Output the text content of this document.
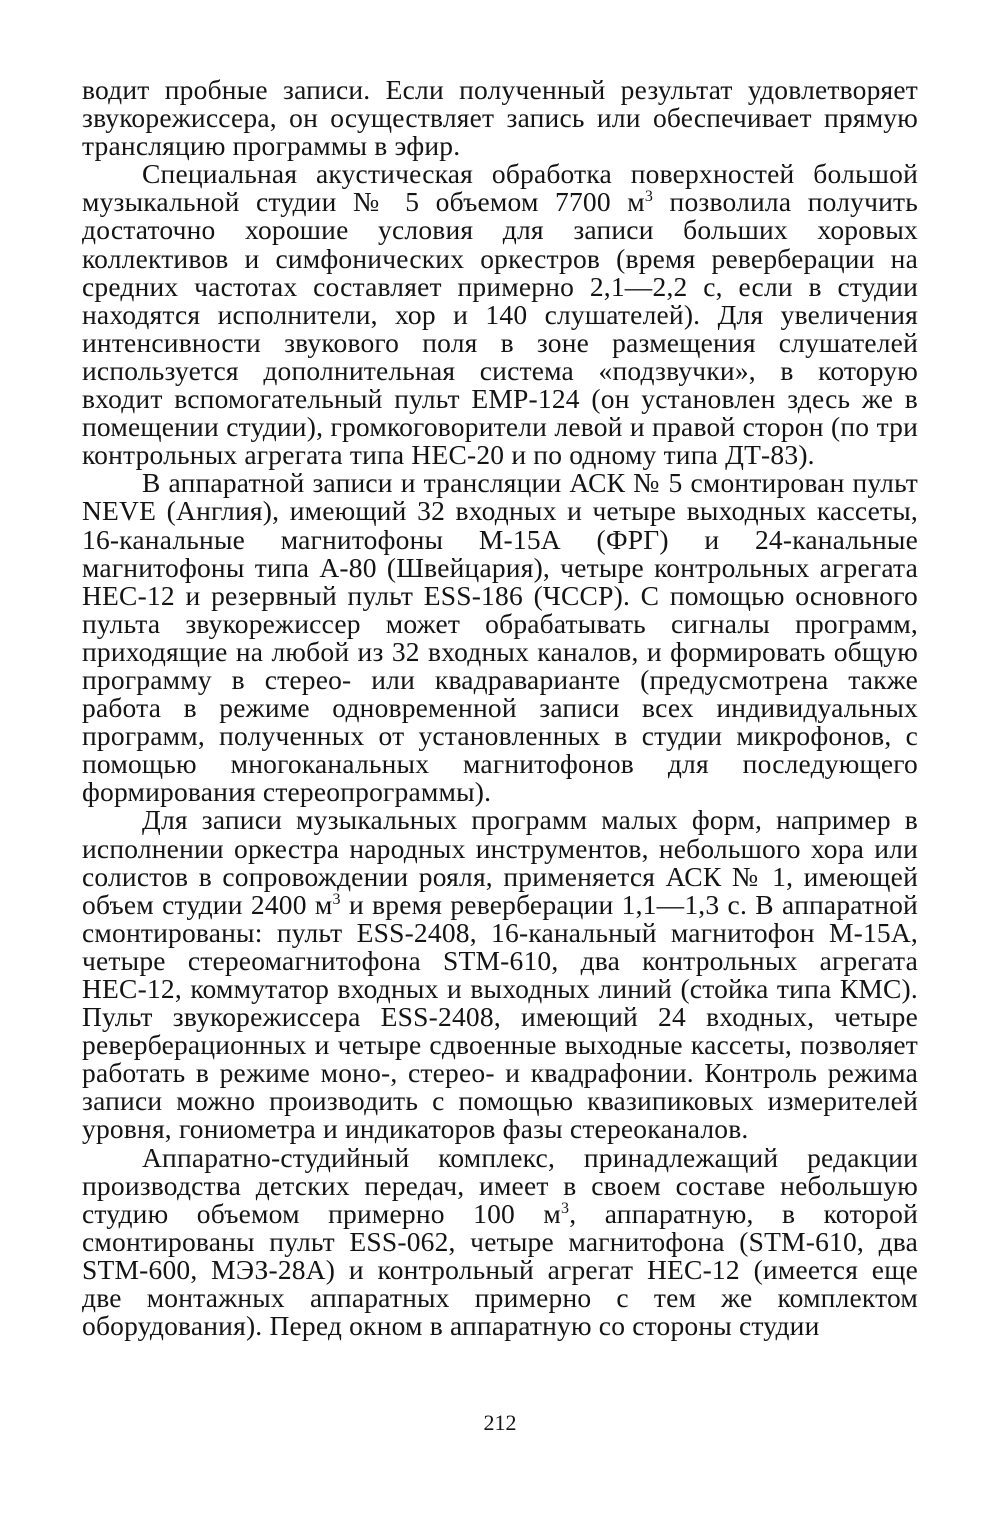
водит пробные записи. Если полученный результат удовлетворяет звукорежиссера, он осуществляет запись или обеспечивает прямую трансляцию программы в эфир.

Специальная акустическая обработка поверхностей большой музыкальной студии № 5 объемом 7700 $м^3$ позволила получить достаточно хорошие условия для записи больших хоровых коллективов и симфонических оркестров (время реверберации на средних частотах составляет примерно 2,1—2,2 с, если в студии находятся исполнители, хор и 140 слушателей). Для увеличения интенсивности звукового поля в зоне размещения слушателей используется дополнительная система «подзвучки», в которую входит вспомогательный пульт ЕМР-124 (он установлен здесь же в помещении студии), громкоговорители левой и правой сторон (по три контрольных агрегата типа НЕС-20 и по одному типа ДТ-83).

В аппаратной записи и трансляции АСК № 5 смонтирован пульт NEVE (Англия), имеющий 32 входных и четыре выходных кассеты, 16-канальные магнитофоны М-15А (ФРГ) и 24-канальные магнитофоны типа А-80 (Швейцария), четыре контрольных агрегата НЕС-12 и резервный пульт ESS-186 (ЧССР). С помощью основного пульта звукорежиссер может обрабатывать сигналы программ, приходящие на любой из 32 входных каналов, и формировать общую программу в стерео- или квадраварианте (предусмотрена также работа в режиме одновременной записи всех индивидуальных программ, полученных от установленных в студии микрофонов, с помощью многоканальных магнитофонов для последующего формирования стереопрограммы).

Для записи музыкальных программ малых форм, например в исполнении оркестра народных инструментов, небольшого хора или солистов в сопровождении рояля, применяется АСК № 1, имеющей объем студии 2400 $м^3$ и время реверберации 1,1—1,3 с. В аппаратной смонтированы: пульт ESS-2408, 16-канальный магнитофон М-15А, четыре стереомагнитофона STM-610, два контрольных агрегата НЕС-12, коммутатор входных и выходных линий (стойка типа КМС). Пульт звукорежиссера ESS-2408, имеющий 24 входных, четыре реверберационных и четыре сдвоенные выходные кассеты, позволяет работать в режиме моно-, стерео- и квадрафонии. Контроль режима записи можно производить с помощью квазипиковых измерителей уровня, гониометра и индикаторов фазы стереоканалов.

Аппаратно-студийный комплекс, принадлежащий редакции производства детских передач, имеет в своем составе небольшую студию объемом примерно 100 $м^3$, аппаратную, в которой смонтированы пульт ESS-062, четыре магнитофона (STM-610, два STM-600, МЭЗ-28А) и контрольный агрегат НЕС-12 (имеется еще две монтажных аппаратных примерно с тем же комплектом оборудования). Перед окном в аппаратную со стороны студии

212
